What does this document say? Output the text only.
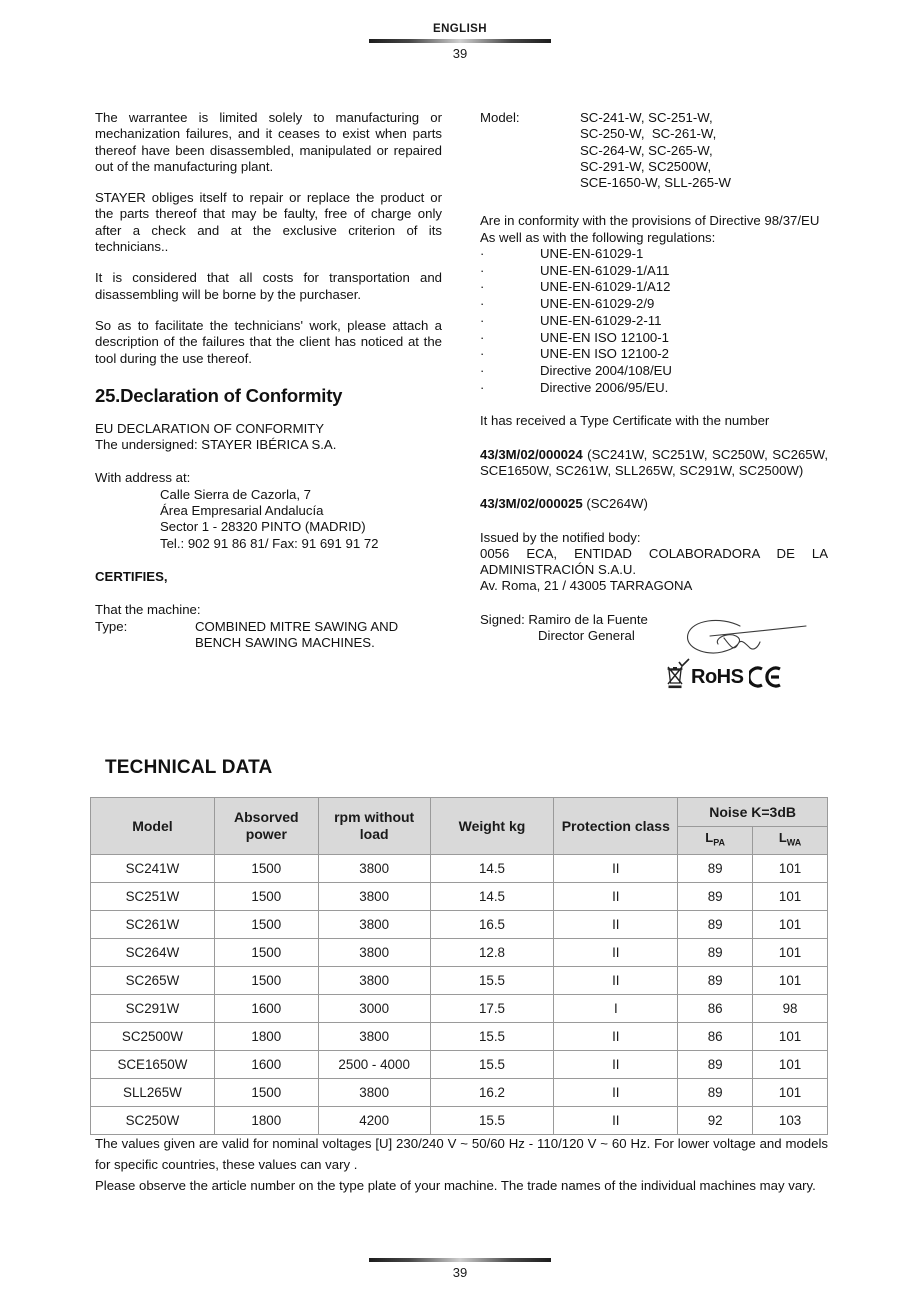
ENGLISH
39

The warrantee is limited solely to manufacturing or mechanization failures, and it ceases to exist when parts thereof have been disassembled, manipulated or repaired out of the manufacturing plant.

STAYER obliges itself to repair or replace the product or the parts thereof that may be faulty, free of charge only after a check and at the exclusive criterion of its technicians..

It is considered that all costs for transportation and disassembling will be borne by the purchaser.

So as to facilitate the technicians' work, please attach a description of the failures that the client has noticed at the tool during the use thereof.

25.Declaration of Conformity
EU DECLARATION OF CONFORMITY
The undersigned: STAYER IBÉRICA S.A.
With address at:
Calle Sierra de Cazorla, 7
Área Empresarial Andalucía
Sector 1 - 28320 PINTO (MADRID)
Tel.: 902 91 86 81/ Fax: 91 691 91 72

CERTIFIES,

That the machine:
Type:	COMBINED MITRE SAWING AND
BENCH SAWING MACHINES.
Model:	SC-241-W, SC-251-W,
SC-250-W,  SC-261-W,
SC-264-W, SC-265-W,
SC-291-W, SC2500W,
SCE-1650-W, SLL-265-W

Are in conformity with the provisions of Directive 98/37/EU

As well as with the following regulations:

·	UNE-EN-61029-1
·	UNE-EN-61029-1/A11
·	UNE-EN-61029-1/A12
·	UNE-EN-61029-2/9
·	UNE-EN-61029-2-11
·	UNE-EN ISO 12100-1
·	UNE-EN ISO 12100-2
·	Directive 2004/108/EU
·	Directive 2006/95/EU.

It has received a Type Certificate with the number

43/3M/02/000024 (SC241W, SC251W, SC250W, SC265W, SCE1650W, SC261W, SLL265W, SC291W, SC2500W)

43/3M/02/000025 (SC264W)

Issued by the notified body:
0056 ECA, ENTIDAD COLABORADORA DE LA ADMINISTRACIÓN S.A.U.
Av. Roma, 21 / 43005 TARRAGONA
Signed: Ramiro de la Fuente
Director General
RoHS
TECHNICAL DATA
Model	Absorved power	rpm without load	Weight kg	Protection class	Noise K=3dB	
					$L_{PA}$	$L_{WA}$
SC241W	1500	3800	14.5	II	89	101
SC251W	1500	3800	14.5	II	89	101
SC261W	1500	3800	16.5	II	89	101
SC264W	1500	3800	12.8	II	89	101
SC265W	1500	3800	15.5	II	89	101
SC291W	1600	3000	17.5	I	86	98
SC2500W	1800	3800	15.5	II	86	101
SCE1650W	1600	2500 - 4000	15.5	II	89	101
SLL265W	1500	3800	16.2	II	89	101
SC250W	1800	4200	15.5	II	92	103

The values given are valid for nominal voltages [U] 230/240 V ~ 50/60 Hz - 110/120 V ~ 60 Hz. For lower voltage and models for specific countries, these values can vary .

Please observe the article number on the type plate of your machine. The trade names of the individual machines may vary.

39
